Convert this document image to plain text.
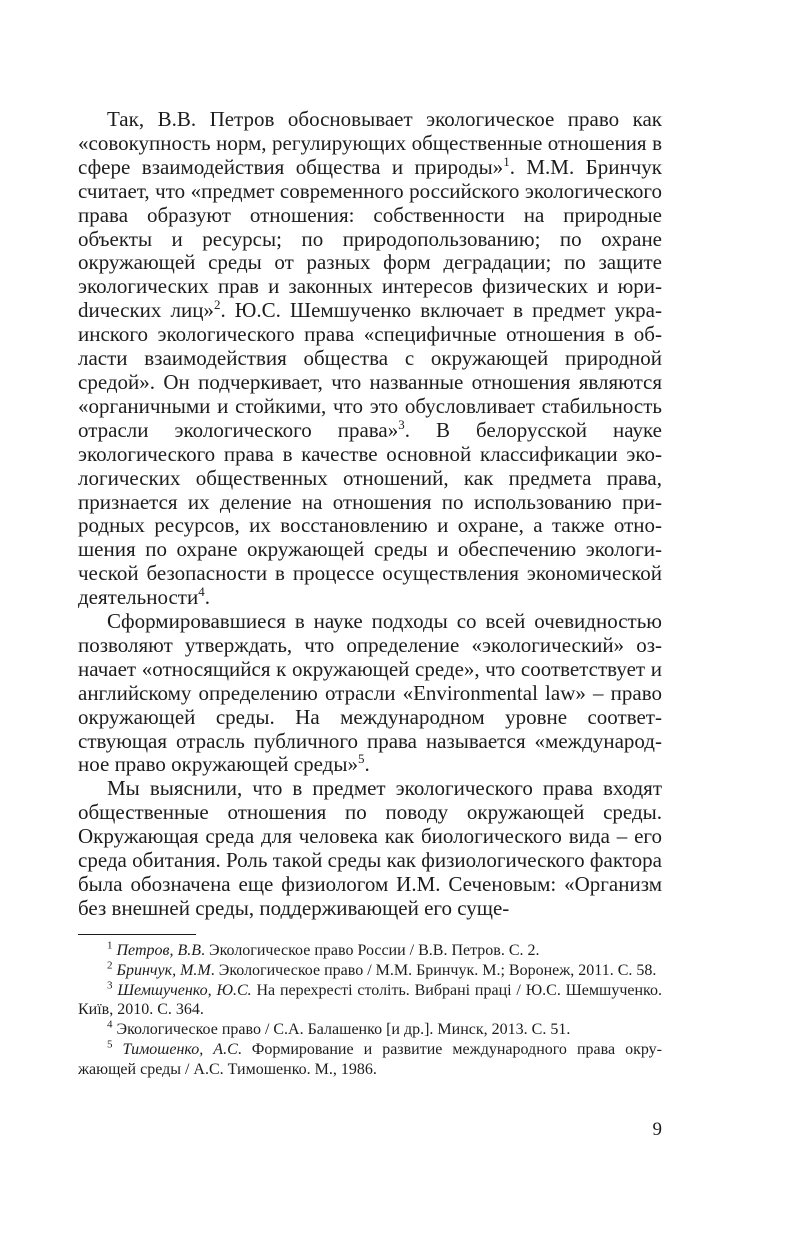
Так, В.В. Петров обосновывает экологическое право как «совокупность норм, регулирующих общественные отношения в сфере взаимодействия общества и природы»$^1$. М.М. Бринчук считает, что «предмет современного российского экологического права образуют отношения: собственности на природные объекты и ресурсы; по природопользованию; по охране окружающей среды от разных форм деградации; по защите экологических прав и законных интересов физических и юриdических лиц»$^2$. Ю.С. Шемшученко включает в предмет украинского экологического права «специфичные отношения в области взаимодействия общества с окружающей природной средой». Он подчеркивает, что названные отношения являются «органичными и стойкими, что это обусловливает стабильность отрасли экологического права»$^3$. В белорусской науке экологического права в качестве основной классификации экологических общественных отношений, как предмета права, признается их деление на отношения по использованию природных ресурсов, их восстановлению и охране, а также отношения по охране окружающей среды и обеспечению экологической безопасности в процессе осуществления экономической деятельности$^4$.

Сформировавшиеся в науке подходы со всей очевидностью позволяют утверждать, что определение «экологический» означает «относящийся к окружающей среде», что соответствует и английскому определению отрасли «Environmental law» – право окружающей среды. На международном уровне соответствующая отрасль публичного права называется «международное право окружающей среды»$^5$.

Мы выяснили, что в предмет экологического права входят общественные отношения по поводу окружающей среды. Окружающая среда для человека как биологического вида – его среда обитания. Роль такой среды как физиологического фактора была обозначена еще физиологом И.М. Сеченовым: «Организм без внешней среды, поддерживающей его суще-

$^1$ Петров, В.В. Экологическое право России / В.В. Петров. С. 2.

$^2$ Бринчук, М.М. Экологическое право / М.М. Бринчук. М.; Воронеж, 2011. С. 58.

$^3$ Шемшученко, Ю.С. На перехресті століть. Вибрані праці / Ю.С. Шемшученко. Київ, 2010. С. 364.

$^4$ Экологическое право / С.А. Балашенко [и др.]. Минск, 2013. С. 51.

$^5$ Тимошенко, А.С. Формирование и развитие международного права окружающей среды / А.С. Тимошенко. М., 1986.

9
